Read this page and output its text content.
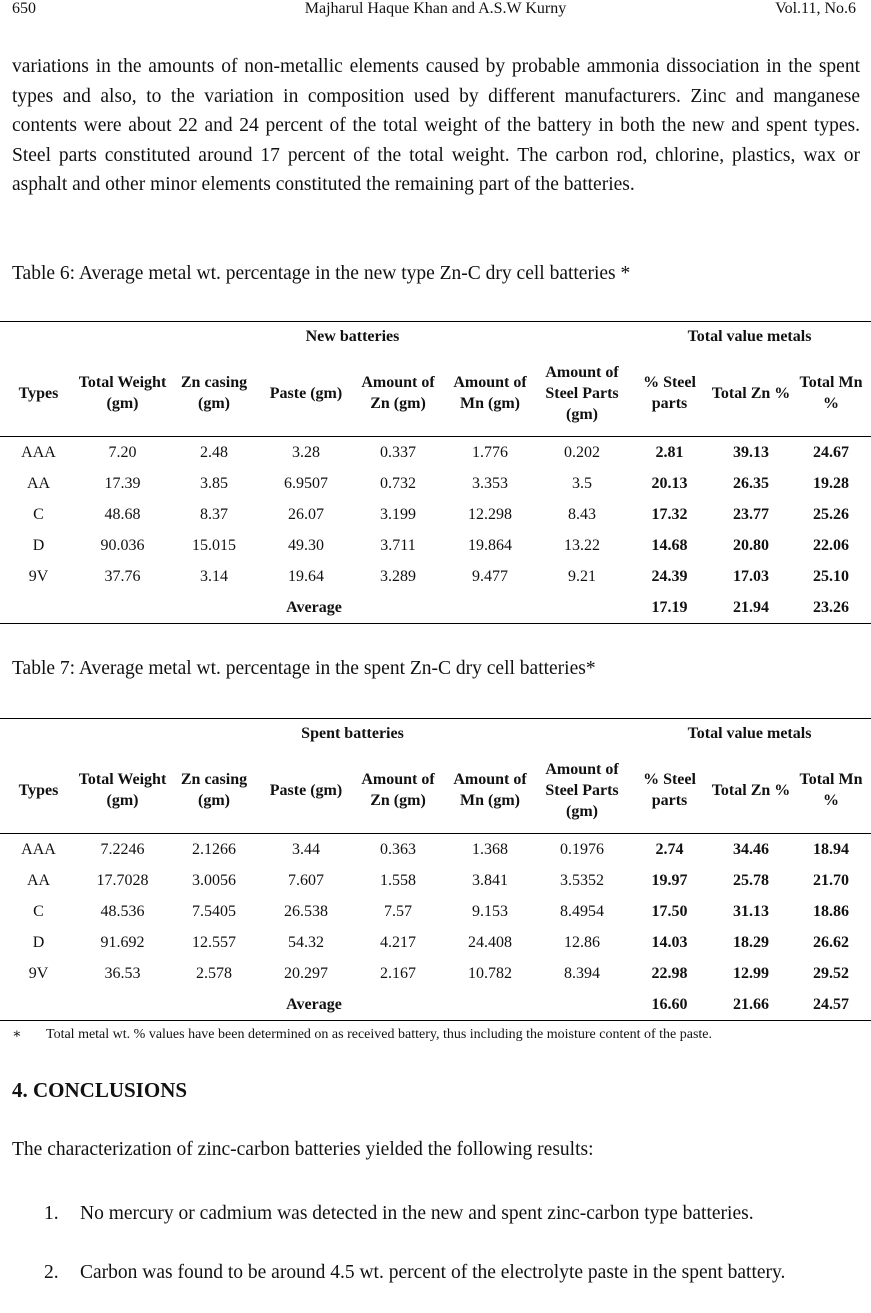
650	Majharul Haque Khan and A.S.W Kurny	Vol.11, No.6

variations in the amounts of non-metallic elements caused by probable ammonia dissociation in the spent types and also, to the variation in composition used by different manufacturers. Zinc and manganese contents were about 22 and 24 percent of the total weight of the battery in both the new and spent types. Steel parts constituted around 17 percent of the total weight. The carbon rod, chlorine, plastics, wax or asphalt and other minor elements constituted the remaining part of the batteries.

Table 6: Average metal wt. percentage in the new type Zn-C dry cell batteries *

	New batteries						Total value metals		
Types	Total Weight (gm)	Zn casing (gm)	Paste (gm)	Amount of Zn (gm)	Amount of Mn (gm)	Amount of Steel Parts (gm)	% Steel parts	Total Zn %	Total Mn %
AAA	7.20	2.48	3.28	0.337	1.776	0.202	2.81	39.13	24.67
AA	17.39	3.85	6.9507	0.732	3.353	3.5	20.13	26.35	19.28
C	48.68	8.37	26.07	3.199	12.298	8.43	17.32	23.77	25.26
D	90.036	15.015	49.30	3.711	19.864	13.22	14.68	20.80	22.06
9V	37.76	3.14	19.64	3.289	9.477	9.21	24.39	17.03	25.10
Average							17.19	21.94	23.26

Table 7: Average metal wt. percentage in the spent Zn-C dry cell batteries*

	Spent batteries						Total value metals		
Types	Total Weight (gm)	Zn casing (gm)	Paste (gm)	Amount of Zn (gm)	Amount of Mn (gm)	Amount of Steel Parts (gm)	% Steel parts	Total Zn %	Total Mn %
AAA	7.2246	2.1266	3.44	0.363	1.368	0.1976	2.74	34.46	18.94
AA	17.7028	3.0056	7.607	1.558	3.841	3.5352	19.97	25.78	21.70
C	48.536	7.5405	26.538	7.57	9.153	8.4954	17.50	31.13	18.86
D	91.692	12.557	54.32	4.217	24.408	12.86	14.03	18.29	26.62
9V	36.53	2.578	20.297	2.167	10.782	8.394	22.98	12.99	29.52
Average							16.60	21.66	24.57
∗ Total metal wt. % values have been determined on as received battery, thus including the moisture content of the paste.

4. CONCLUSIONS

The characterization of zinc-carbon batteries yielded the following results:

1. No mercury or cadmium was detected in the new and spent zinc-carbon type batteries.
2. Carbon was found to be around 4.5 wt. percent of the electrolyte paste in the spent battery.
